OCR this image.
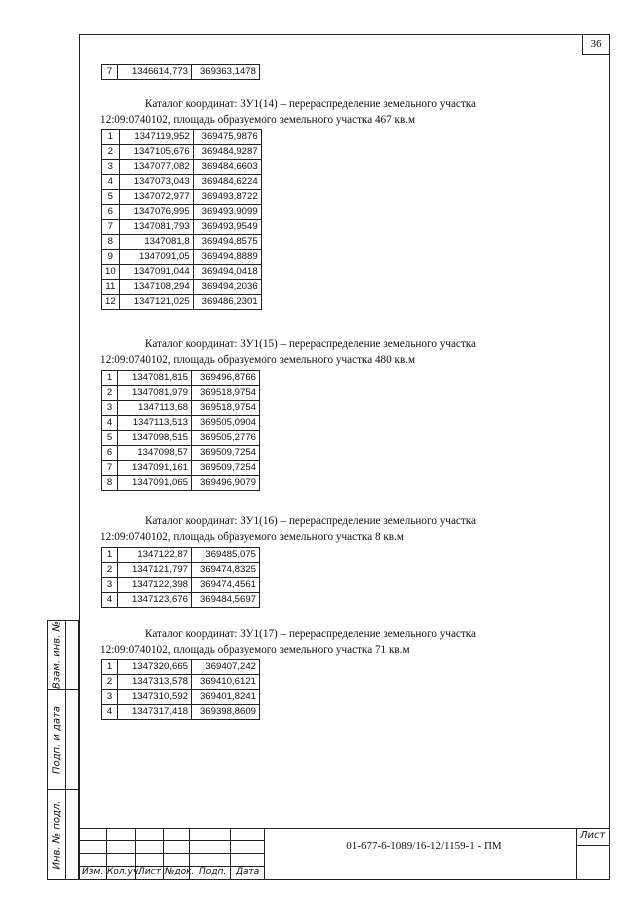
36
Взам. инв. №
Подп. и дата
Инв. № подл.
7	1346614,773	369363,1478
Каталог координат: ЗУ1(14) – перераспределение земельного участка
12:09:0740102, площадь образуемого земельного участка 467 кв.м
1	1347119,952	369475,9876
2	1347105,676	369484,9287
3	1347077,082	369484,6603
4	1347073,043	369484,6224
5	1347072,977	369493,8722
6	1347076,995	369493,9099
7	1347081,793	369493,9549
8	1347081,8	369494,8575
9	1347091,05	369494,8889
10	1347091,044	369494,0418
11	1347108,294	369494,2036
12	1347121,025	369486,2301
Каталог координат: ЗУ1(15) – перераспределение земельного участка
12:09:0740102, площадь образуемого земельного участка 480 кв.м
1	1347081,815	369496,8766
2	1347081,979	369518,9754
3	1347113,68	369518,9754
4	1347113,513	369505,0904
5	1347098,515	369505,2776
6	1347098,57	369509,7254
7	1347091,161	369509,7254
8	1347091,065	369496,9079
Каталог координат: ЗУ1(16) – перераспределение земельного участка
12:09:0740102, площадь образуемого земельного участка 8 кв.м
1	1347122,87	369485,075
2	1347121,797	369474,8325
3	1347122,398	369474,4561
4	1347123,676	369484,5697
Каталог координат: ЗУ1(17) – перераспределение земельного участка
12:09:0740102, площадь образуемого земельного участка 71 кв.м
1	1347320,665	369407,242
2	1347313,578	369410,6121
3	1347310,592	369401,8241
4	1347317,418	369398,8609
Изм. Кол.уч.
Лист №док. Подп. Дата
01-677-6-1089/16-12/1159-1 - ПМ
Лист
